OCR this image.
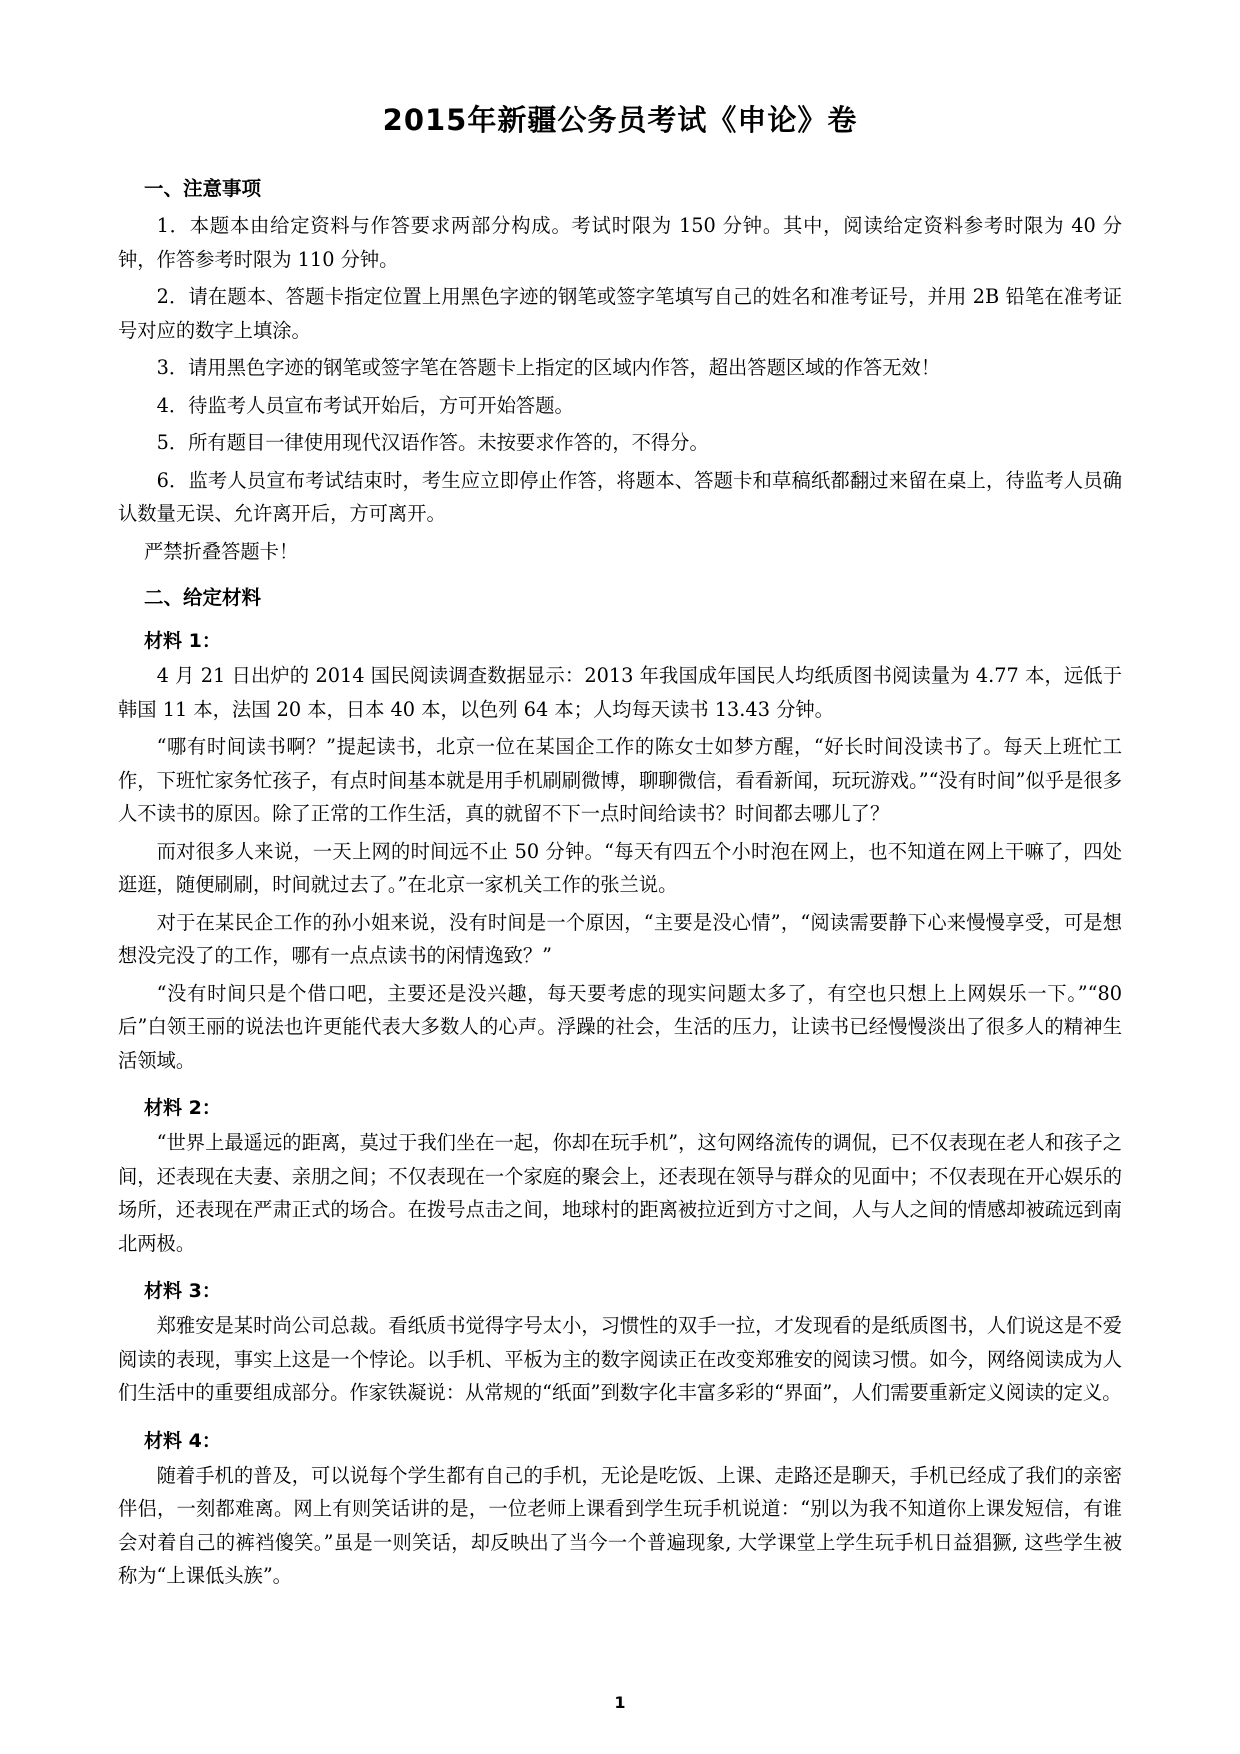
2015年新疆公务员考试《申论》卷
一、注意事项

1．本题本由给定资料与作答要求两部分构成。考试时限为 150 分钟。其中，阅读给定资料参考时限为 40 分钟，作答参考时限为 110 分钟。

2．请在题本、答题卡指定位置上用黑色字迹的钢笔或签字笔填写自己的姓名和准考证号，并用 2B 铅笔在准考证号对应的数字上填涂。

3．请用黑色字迹的钢笔或签字笔在答题卡上指定的区域内作答，超出答题区域的作答无效！

4．待监考人员宣布考试开始后，方可开始答题。

5．所有题目一律使用现代汉语作答。未按要求作答的，不得分。

6．监考人员宣布考试结束时，考生应立即停止作答，将题本、答题卡和草稿纸都翻过来留在桌上，待监考人员确认数量无误、允许离开后，方可离开。

严禁折叠答题卡！
二、给定材料
材料 1：

4 月 21 日出炉的 2014 国民阅读调查数据显示：2013 年我国成年国民人均纸质图书阅读量为 4.77 本，远低于韩国 11 本，法国 20 本，日本 40 本，以色列 64 本；人均每天读书 13.43 分钟。

“哪有时间读书啊？”提起读书，北京一位在某国企工作的陈女士如梦方醒，“好长时间没读书了。每天上班忙工作，下班忙家务忙孩子，有点时间基本就是用手机刷刷微博，聊聊微信，看看新闻，玩玩游戏。”“没有时间”似乎是很多人不读书的原因。除了正常的工作生活，真的就留不下一点时间给读书？时间都去哪儿了？

而对很多人来说，一天上网的时间远不止 50 分钟。“每天有四五个小时泡在网上，也不知道在网上干嘛了，四处逛逛，随便刷刷，时间就过去了。”在北京一家机关工作的张兰说。

对于在某民企工作的孙小姐来说，没有时间是一个原因，“主要是没心情”，“阅读需要静下心来慢慢享受，可是想想没完没了的工作，哪有一点点读书的闲情逸致？”

“没有时间只是个借口吧，主要还是没兴趣，每天要考虑的现实问题太多了，有空也只想上上网娱乐一下。”“80 后”白领王丽的说法也许更能代表大多数人的心声。浮躁的社会，生活的压力，让读书已经慢慢淡出了很多人的精神生活领域。

材料 2：

“世界上最遥远的距离，莫过于我们坐在一起，你却在玩手机”，这句网络流传的调侃，已不仅表现在老人和孩子之间，还表现在夫妻、亲朋之间；不仅表现在一个家庭的聚会上，还表现在领导与群众的见面中；不仅表现在开心娱乐的场所，还表现在严肃正式的场合。在拨号点击之间，地球村的距离被拉近到方寸之间，人与人之间的情感却被疏远到南北两极。

材料 3：

郑雅安是某时尚公司总裁。看纸质书觉得字号太小，习惯性的双手一拉，才发现看的是纸质图书，人们说这是不爱阅读的表现，事实上这是一个悖论。以手机、平板为主的数字阅读正在改变郑雅安的阅读习惯。如今，网络阅读成为人们生活中的重要组成部分。作家铁凝说：从常规的“纸面”到数字化丰富多彩的“界面”，人们需要重新定义阅读的定义。

材料 4：

随着手机的普及，可以说每个学生都有自己的手机，无论是吃饭、上课、走路还是聊天，手机已经成了我们的亲密伴侣，一刻都难离。网上有则笑话讲的是，一位老师上课看到学生玩手机说道：“别以为我不知道你上课发短信，有谁会对着自己的裤裆傻笑。”虽是一则笑话，却反映出了当今一个普遍现象, 大学课堂上学生玩手机日益猖獗, 这些学生被称为“上课低头族”。

1
